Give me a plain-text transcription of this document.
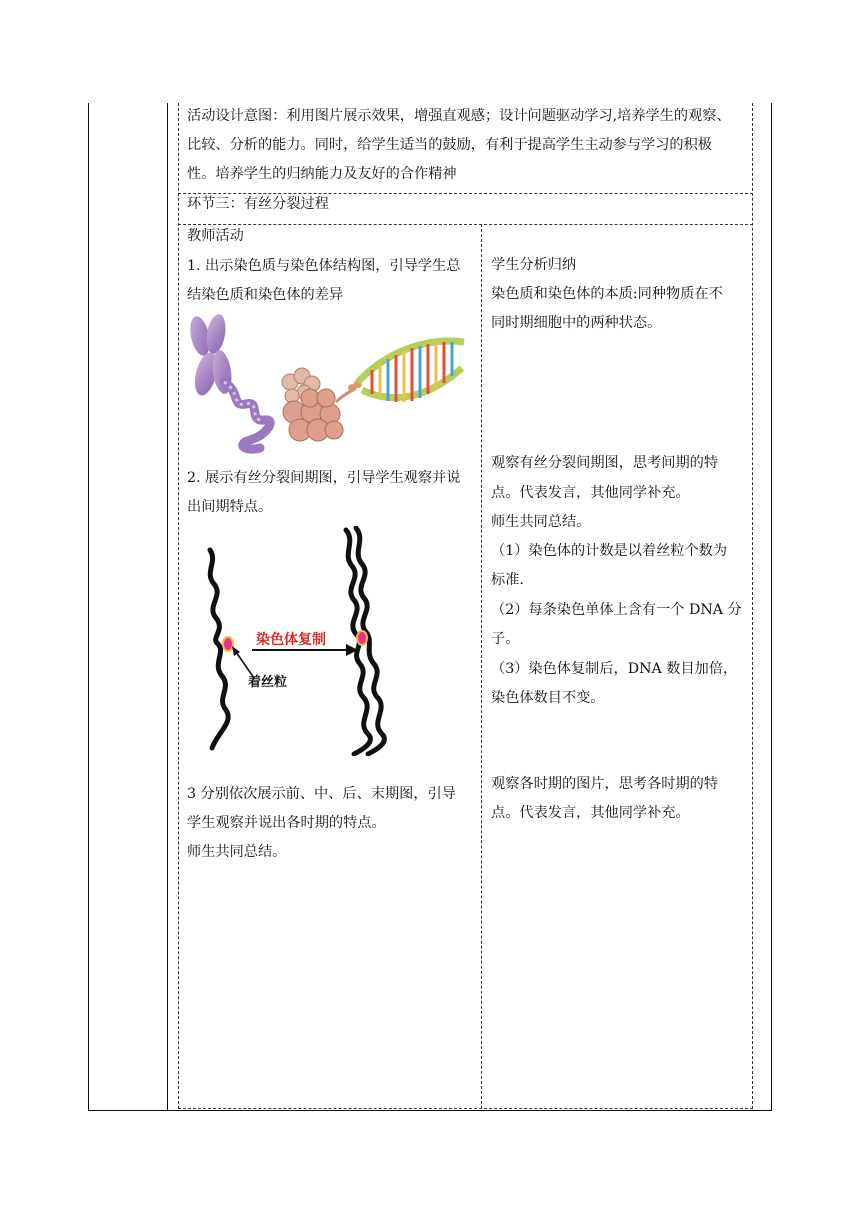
活动设计意图：利用图片展示效果，增强直观感；设计问题驱动学习,培养学生的观察、
比较、分析的能力。同时，给学生适当的鼓励，有利于提高学生主动参与学习的积极
性。培养学生的归纳能力及友好的合作精神
环节三：有丝分裂过程
教师活动
1. 出示染色质与染色体结构图，引导学生总
结染色质和染色体的差异
2. 展示有丝分裂间期图，引导学生观察并说
出间期特点。
染色体复制
着丝粒
3 分别依次展示前、中、后、末期图，引导
学生观察并说出各时期的特点。
师生共同总结。
学生分析归纳
染色质和染色体的本质:同种物质在不
同时期细胞中的两种状态。
观察有丝分裂间期图，思考间期的特
点。代表发言，其他同学补充。
师生共同总结。
（1）染色体的计数是以着丝粒个数为
标准.
（2）每条染色单体上含有一个 DNA 分
子。
（3）染色体复制后，DNA 数目加倍，
染色体数目不变。
观察各时期的图片，思考各时期的特
点。代表发言，其他同学补充。
